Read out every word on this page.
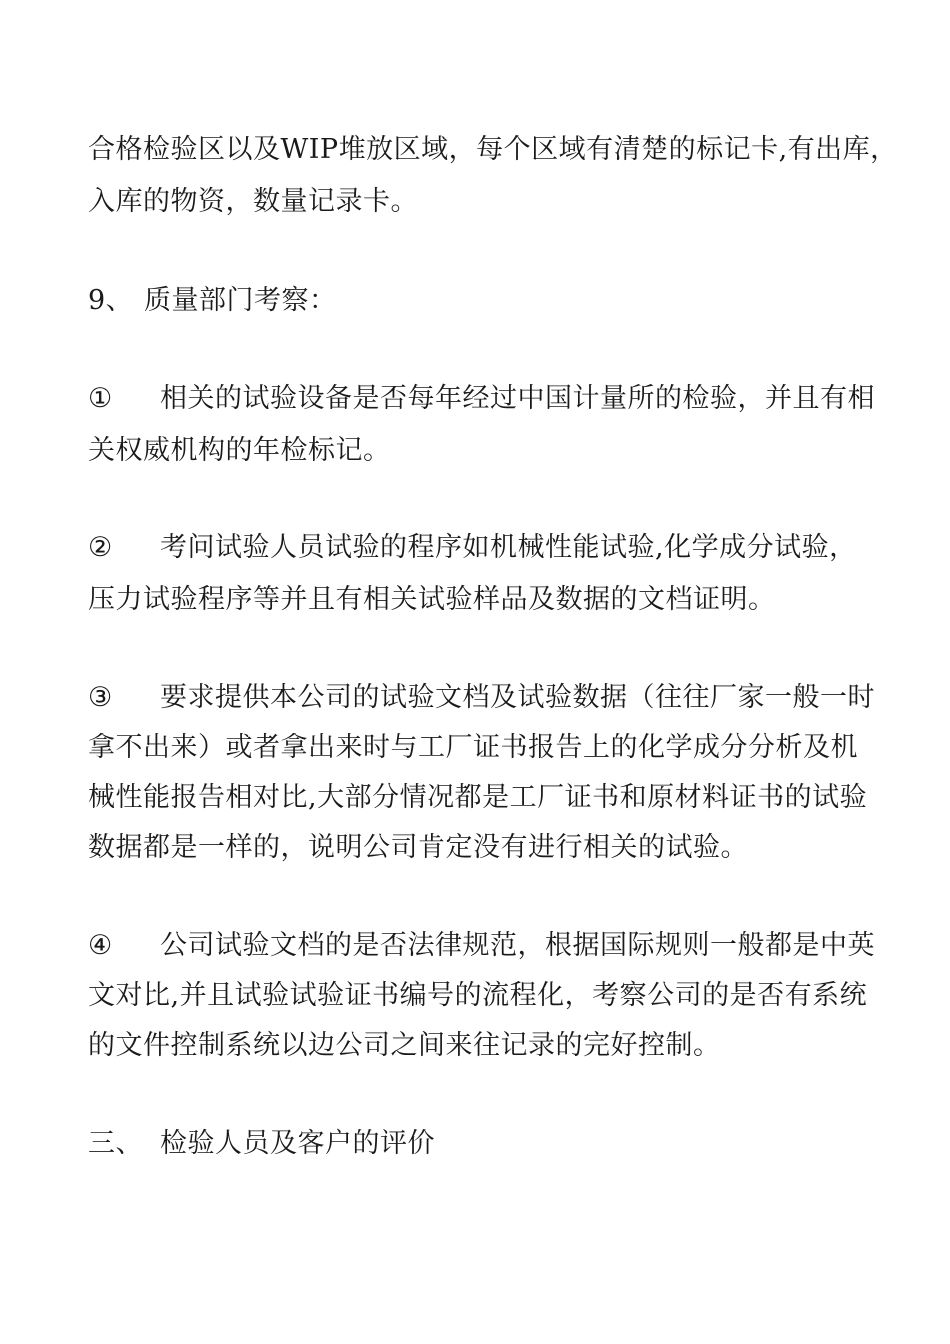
合格检验区以及WIP堆放区域，每个区域有清楚的标记卡,有出库，
入库的物资，数量记录卡。
9、 质量部门考察：
① 相关的试验设备是否每年经过中国计量所的检验，并且有相
关权威机构的年检标记。
② 考问试验人员试验的程序如机械性能试验,化学成分试验，
压力试验程序等并且有相关试验样品及数据的文档证明。
③ 要求提供本公司的试验文档及试验数据（往往厂家一般一时
拿不出来）或者拿出来时与工厂证书报告上的化学成分分析及机
械性能报告相对比,大部分情况都是工厂证书和原材料证书的试验
数据都是一样的，说明公司肯定没有进行相关的试验。
④ 公司试验文档的是否法律规范，根据国际规则一般都是中英
文对比,并且试验试验证书编号的流程化，考察公司的是否有系统
的文件控制系统以边公司之间来往记录的完好控制。
三、 检验人员及客户的评价
